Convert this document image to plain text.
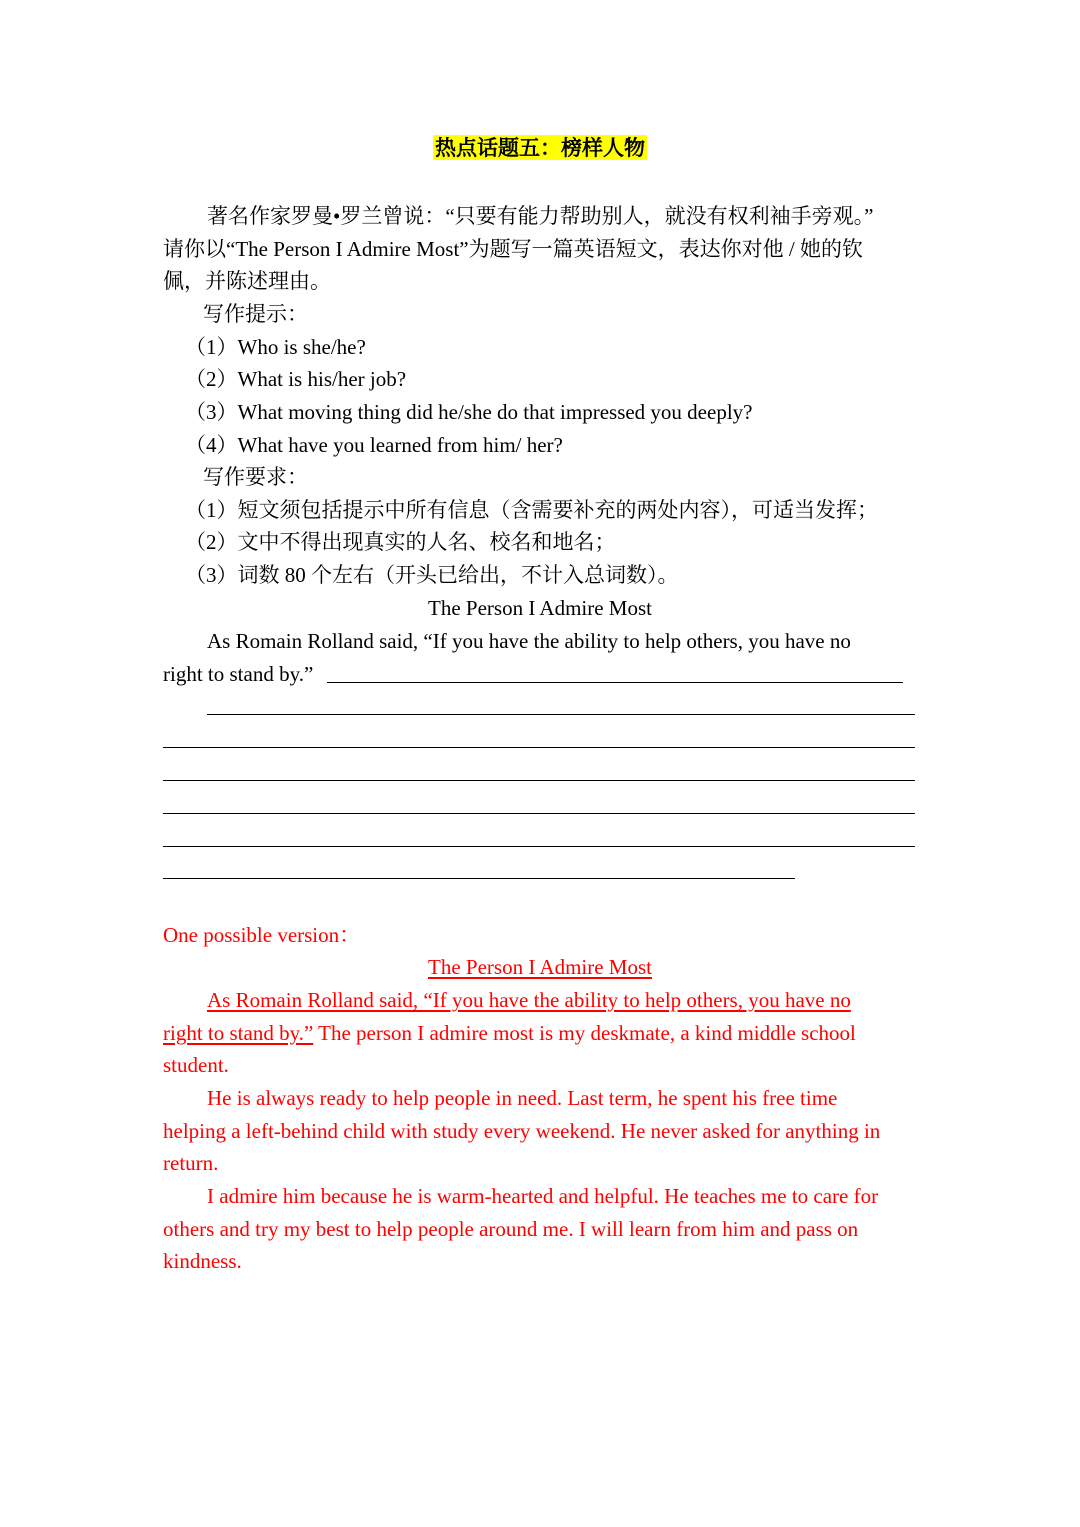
热点话题五：榜样人物
著名作家罗曼•罗兰曾说：“只要有能力帮助别人，就没有权利袖手旁观。”
请你以“The Person I Admire Most”为题写一篇英语短文，表达你对他 / 她的钦
佩，并陈述理由。
写作提示：
（1）Who is she/he?
（2）What is his/her job?
（3）What moving thing did he/she do that impressed you deeply?
（4）What have you learned from him/ her?
写作要求：
（1）短文须包括提示中所有信息（含需要补充的两处内容），可适当发挥；
（2）文中不得出现真实的人名、校名和地名；
（3）词数 80 个左右（开头已给出，不计入总词数）。
The Person I Admire Most
As Romain Rolland said, “If you have the ability to help others, you have no
right to stand by.”
One possible version：
The Person I Admire Most
As Romain Rolland said, “If you have the ability to help others, you have no
right to stand by.” The person I admire most is my deskmate, a kind middle school
student.
He is always ready to help people in need. Last term, he spent his free time
helping a left-behind child with study every weekend. He never asked for anything in
return.
I admire him because he is warm-hearted and helpful. He teaches me to care for
others and try my best to help people around me. I will learn from him and pass on
kindness.
